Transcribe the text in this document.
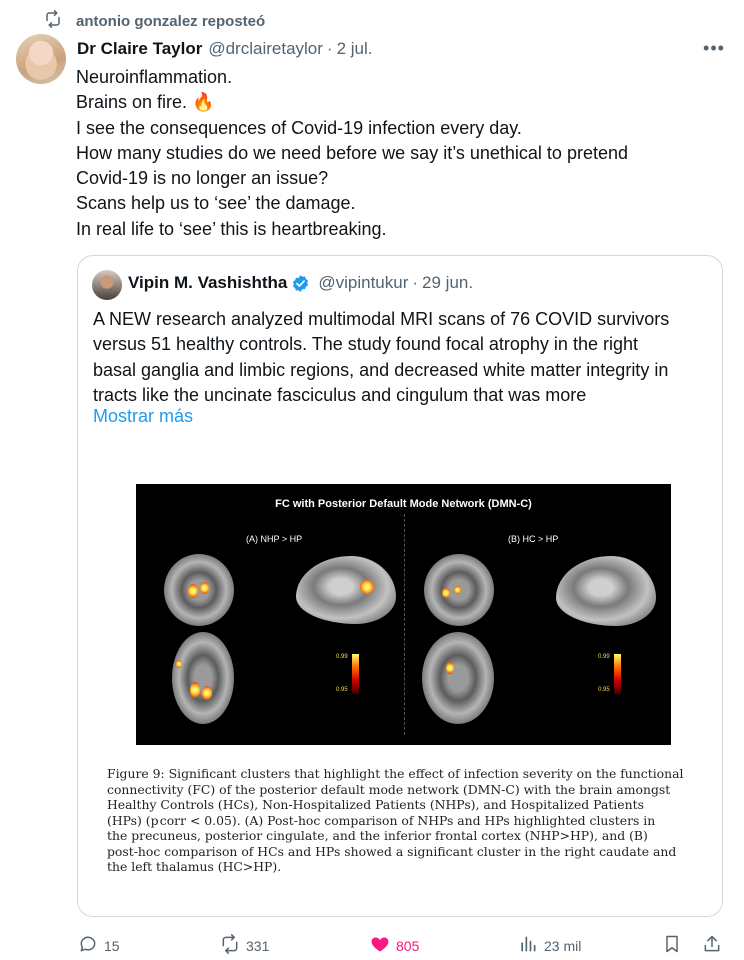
antonio gonzalez reposteó
Dr Claire Taylor @drclairetaylor · 2 jul.	•••
Neuroinflammation.
Brains on fire. 🔥
I see the consequences of Covid-19 infection every day.
How many studies do we need before we say it’s unethical to pretend
Covid-19 is no longer an issue?
Scans help us to ‘see’ the damage.
In real life to ‘see’ this is heartbreaking.
Vipin M. Vashishtha @vipintukur · 29 jun.
A NEW research analyzed multimodal MRI scans of 76 COVID survivors
versus 51 healthy controls. The study found focal atrophy in the right
basal ganglia and limbic regions, and decreased white matter integrity in
tracts like the uncinate fasciculus and cingulum that was more
Mostrar más
FC with Posterior Default Mode Network (DMN-C)
(A) NHP > HP	(B) HC > HP
0.99
0.95
0.99
0.95
Figure 9: Significant clusters that highlight the effect of infection severity on the functional
connectivity (FC) of the posterior default mode network (DMN-C) with the brain amongst
Healthy Controls (HCs), Non-Hospitalized Patients (NHPs), and Hospitalized Patients
(HPs) (p corr < 0.05). (A) Post-hoc comparison of NHPs and HPs highlighted clusters in
the precuneus, posterior cingulate, and the inferior frontal cortex (NHP>HP), and (B)
post-hoc comparison of HCs and HPs showed a significant cluster in the right caudate and
the left thalamus (HC>HP).
15	331	805	23 mil
